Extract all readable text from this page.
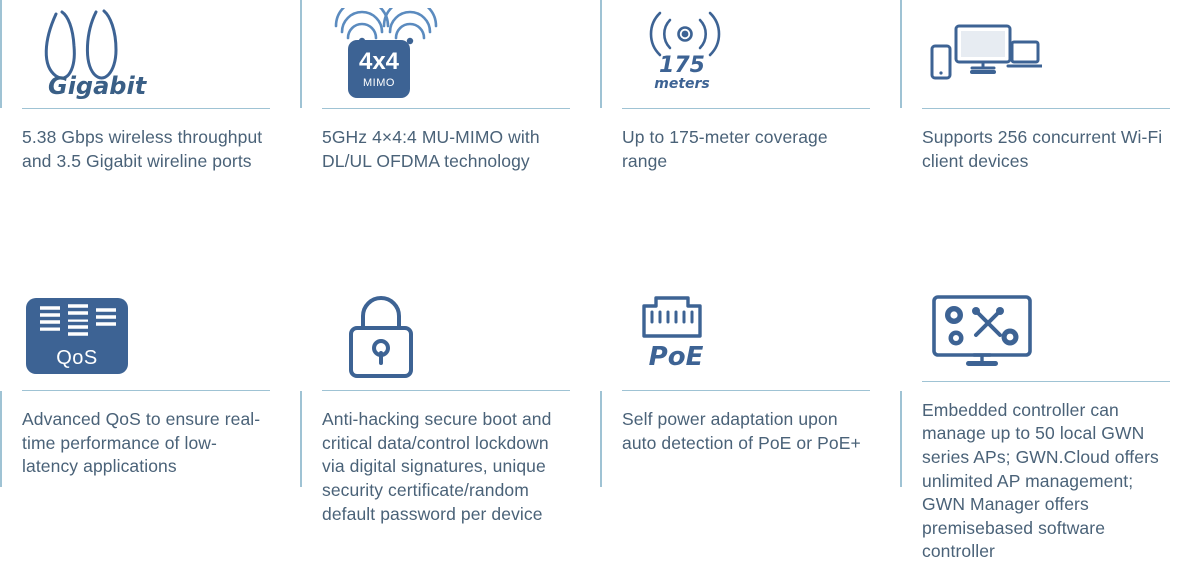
Gigabit
5.38 Gbps wireless throughput and 3.5 Gigabit wireline ports
4x4
MIMO
5GHz 4×4:4 MU-MIMO with DL/UL OFDMA technology
175
meters
Up to 175-meter coverage range
Supports 256 concurrent Wi-Fi client devices
QoS
Advanced QoS to ensure real-time performance of low-latency applications
Anti-hacking secure boot and critical data/control lockdown via digital signatures, unique security certificate/random default password per device
PoE
Self power adaptation upon auto detection of PoE or PoE+
Embedded controller can manage up to 50 local GWN series APs; GWN.Cloud offers unlimited AP management; GWN Manager offers premisebased software controller
